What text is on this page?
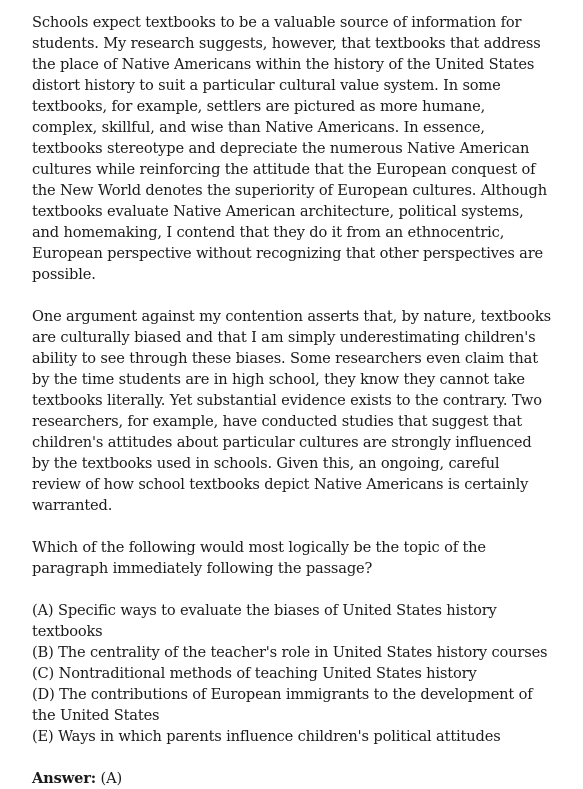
Schools expect textbooks to be a valuable source of information for students. My research suggests, however, that textbooks that address the place of Native Americans within the history of the United States distort history to suit a particular cultural value system. In some textbooks, for example, settlers are pictured as more humane, complex, skillful, and wise than Native Americans. In essence, textbooks stereotype and depreciate the numerous Native American cultures while reinforcing the attitude that the European conquest of the New World denotes the superiority of European cultures. Although textbooks evaluate Native American architecture, political systems, and homemaking, I contend that they do it from an ethnocentric, European perspective without recognizing that other perspectives are possible.

One argument against my contention asserts that, by nature, textbooks are culturally biased and that I am simply underestimating children's ability to see through these biases. Some researchers even claim that by the time students are in high school, they know they cannot take textbooks literally. Yet substantial evidence exists to the contrary. Two researchers, for example, have conducted studies that suggest that children's attitudes about particular cultures are strongly influenced by the textbooks used in schools. Given this, an ongoing, careful review of how school textbooks depict Native Americans is certainly warranted.

Which of the following would most logically be the topic of the paragraph immediately following the passage?

(A) Specific ways to evaluate the biases of United States history textbooks
(B) The centrality of the teacher's role in United States history courses
(C) Nontraditional methods of teaching United States history
(D) The contributions of European immigrants to the development of the United States
(E) Ways in which parents influence children's political attitudes

Answer: (A)
